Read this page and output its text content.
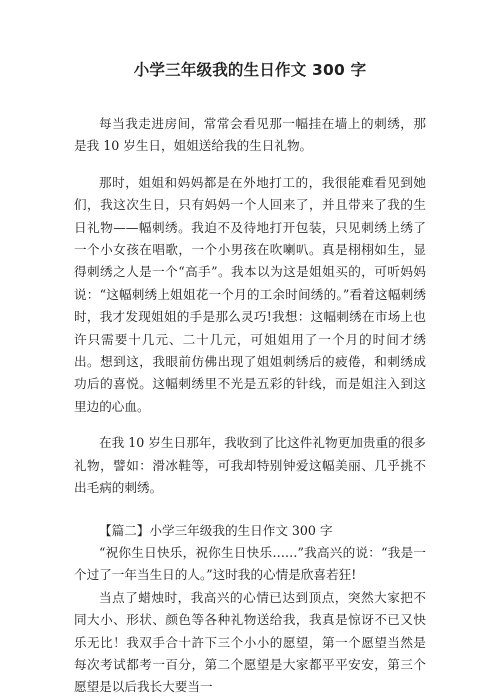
小学三年级我的生日作文 300 字

每当我走进房间，常常会看见那一幅挂在墙上的刺绣，那是我 10 岁生日，姐姐送给我的生日礼物。

那时，姐姐和妈妈都是在外地打工的，我很能难看见到她们，我这次生日，只有妈妈一个人回来了，并且带来了我的生日礼物——幅刺绣。我迫不及待地打开包装，只见刺绣上绣了一个小女孩在唱歌，一个小男孩在吹喇叭。真是栩栩如生，显得刺绣之人是一个“高手”。我本以为这是姐姐买的，可听妈妈说：“这幅刺绣上姐姐花一个月的工余时间绣的。”看着这幅刺绣时，我才发现姐姐的手是那么灵巧!我想：这幅刺绣在市场上也许只需要十几元、二十几元，可姐姐用了一个月的时间才绣出。想到这，我眼前仿佛出现了姐姐刺绣后的疲倦，和刺绣成功后的喜悦。这幅刺绣里不光是五彩的针线，而是姐注入到这里边的心血。

在我 10 岁生日那年，我收到了比这件礼物更加贵重的很多礼物，譬如：滑冰鞋等，可我却特别钟爱这幅美丽、几乎挑不出毛病的刺绣。

【篇二】小学三年级我的生日作文 300 字

“祝你生日快乐，祝你生日快乐……”我高兴的说：“我是一个过了一年当生日的人。”这时我的心情是欣喜若狂!

当点了蜡烛时，我高兴的心情已达到顶点，突然大家把不同大小、形状、颜色等各种礼物送给我，我真是惊讶不已又快乐无比！我双手合十許下三个小小的愿望，第一个愿望当然是每次考试都考一百分，第二个愿望是大家都平平安安，第三个愿望是以后我长大要当一
